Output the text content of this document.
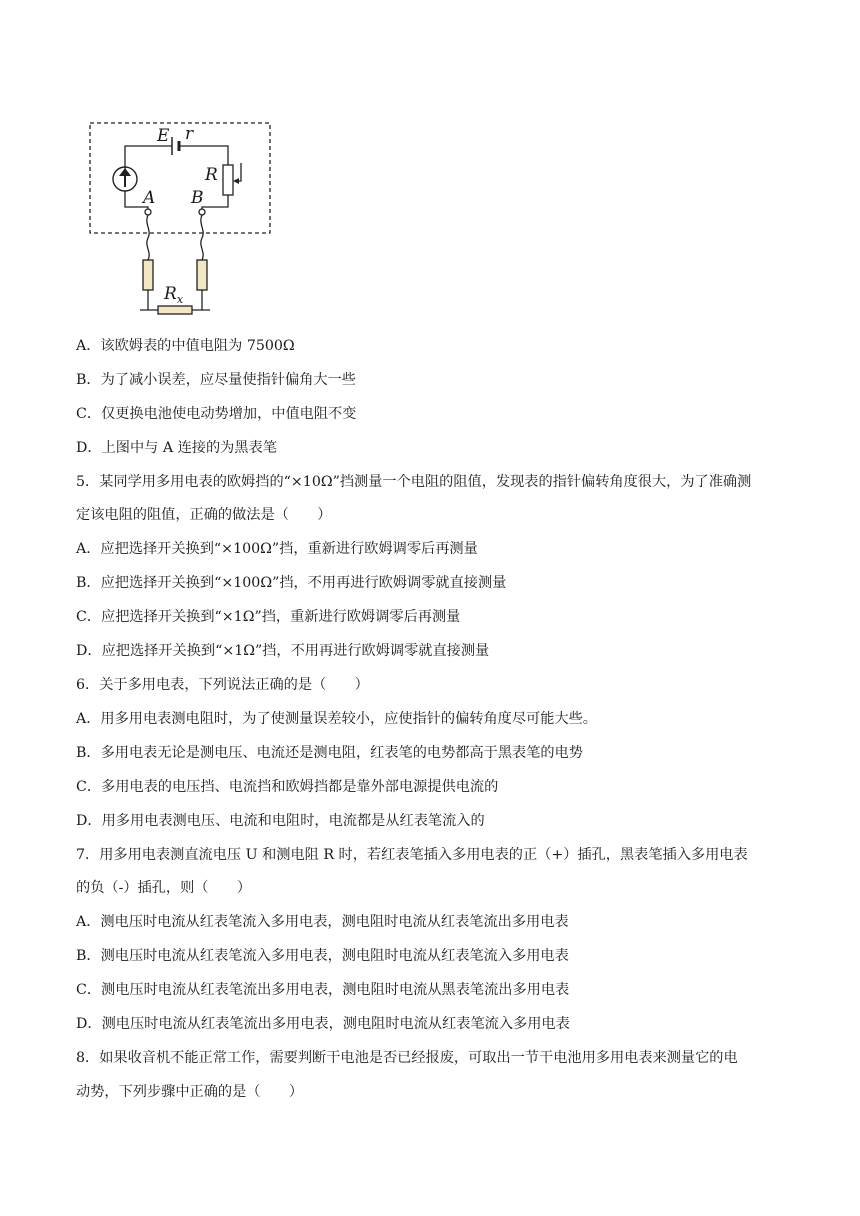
E r
R
A B
$R_x$
A．该欧姆表的中值电阻为 7500Ω
B．为了减小误差，应尽量使指针偏角大一些
C．仅更换电池使电动势增加，中值电阻不变
D．上图中与 A 连接的为黑表笔
5．某同学用多用电表的欧姆挡的“×10Ω”挡测量一个电阻的阻值，发现表的指针偏转角度很大，为了准确测
定该电阻的阻值，正确的做法是（　　）
A．应把选择开关换到“×100Ω”挡，重新进行欧姆调零后再测量
B．应把选择开关换到“×100Ω”挡，不用再进行欧姆调零就直接测量
C．应把选择开关换到“×1Ω”挡，重新进行欧姆调零后再测量
D．应把选择开关换到“×1Ω”挡，不用再进行欧姆调零就直接测量
6．关于多用电表，下列说法正确的是（　　）
A．用多用电表测电阻时，为了使测量误差较小，应使指针的偏转角度尽可能大些。
B．多用电表无论是测电压、电流还是测电阻，红表笔的电势都高于黑表笔的电势
C．多用电表的电压挡、电流挡和欧姆挡都是靠外部电源提供电流的
D．用多用电表测电压、电流和电阻时，电流都是从红表笔流入的
7．用多用电表测直流电压 U 和测电阻 R 时，若红表笔插入多用电表的正（+）插孔，黑表笔插入多用电表
的负（-）插孔，则（　　）
A．测电压时电流从红表笔流入多用电表，测电阻时电流从红表笔流出多用电表
B．测电压时电流从红表笔流入多用电表，测电阻时电流从红表笔流入多用电表
C．测电压时电流从红表笔流出多用电表，测电阻时电流从黑表笔流出多用电表
D．测电压时电流从红表笔流出多用电表，测电阻时电流从红表笔流入多用电表
8．如果收音机不能正常工作，需要判断干电池是否已经报废，可取出一节干电池用多用电表来测量它的电
动势，下列步骤中正确的是（　　）
